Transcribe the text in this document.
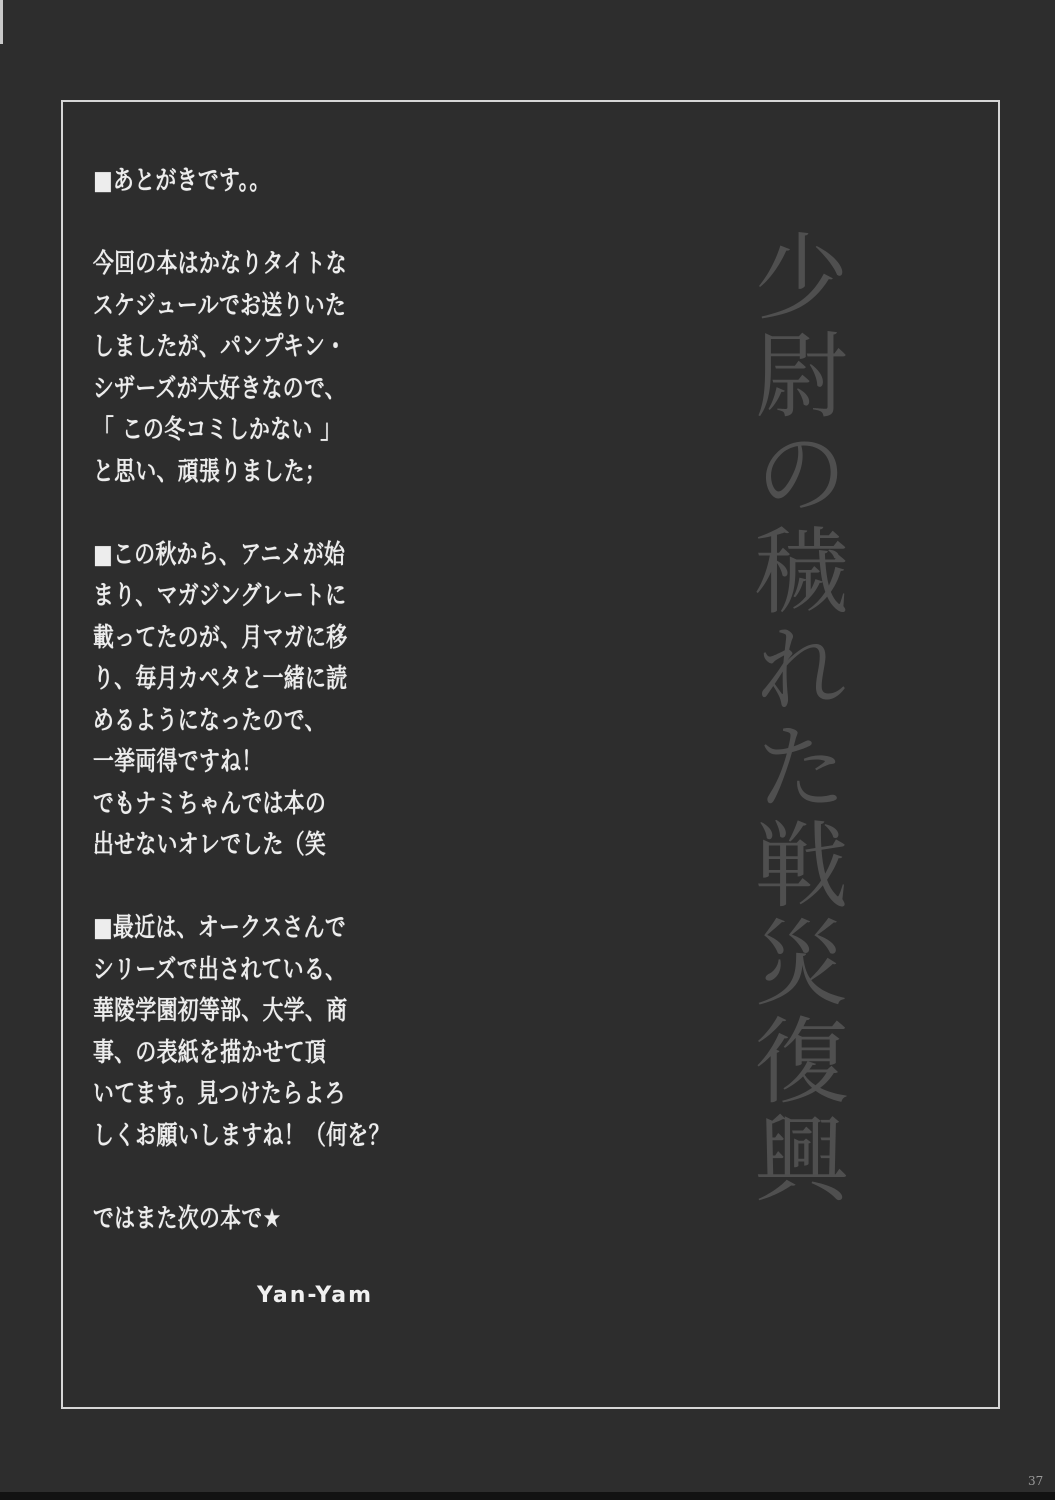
■あとがきです。。
今回の本はかなりタイトな
スケジュールでお送りいた
しましたが、パンプキン・
シザーズが大好きなので、
「 この冬コミしかない 」
と思い、頑張りました；
■この秋から、アニメが始
まり、マガジングレートに
載ってたのが、月マガに移
り、毎月カペタと一緒に読
めるようになったので、
一挙両得ですね！
でもナミちゃんでは本の
出せないオレでした（笑
■最近は、オークスさんで
シリーズで出されている、
華陵学園初等部、大学、商
事、の表紙を描かせて頂
いてます。見つけたらよろ
しくお願いしますね！（何を？
ではまた次の本で★
少尉の穢れた戦災復興
Yan-Yam
37
